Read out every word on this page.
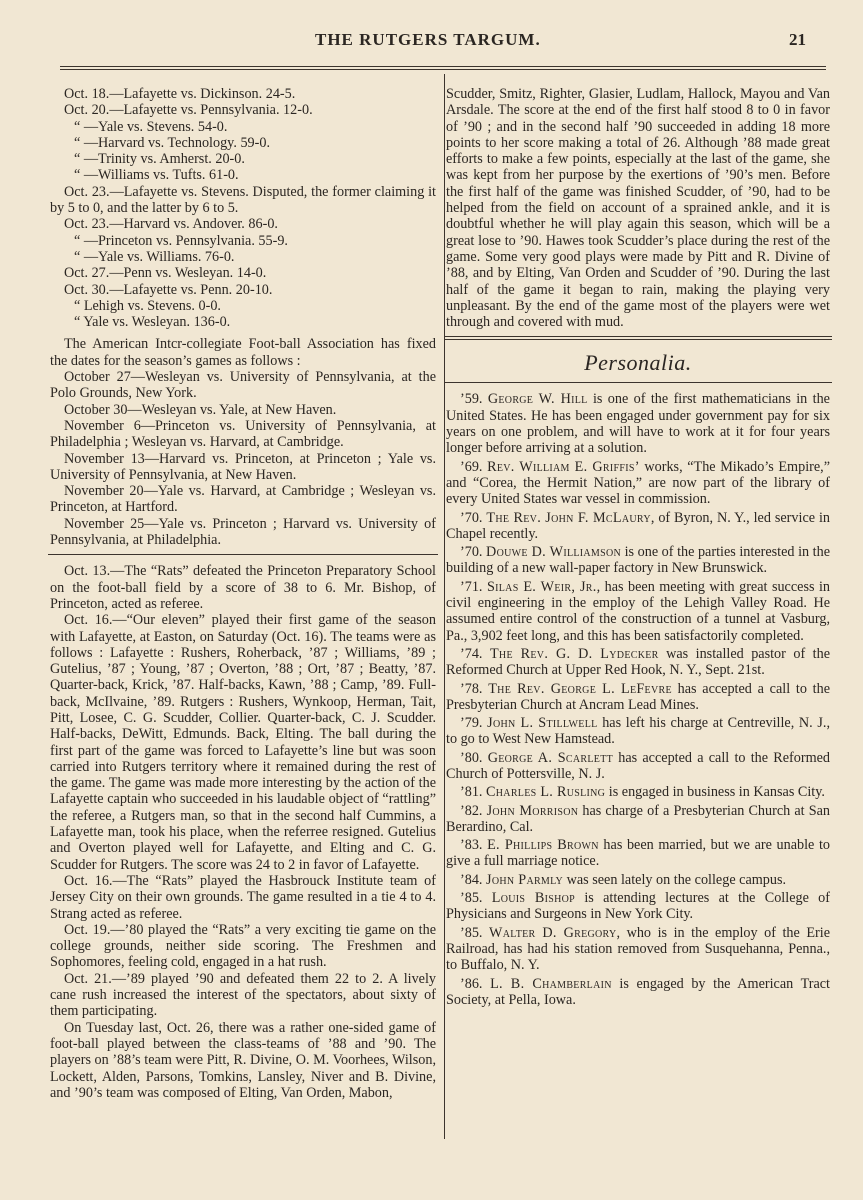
THE RUTGERS TARGUM.	21

Oct. 18.—Lafayette vs. Dickinson. 24-5.

Oct. 20.—Lafayette vs. Pennsylvania. 12-0.

“ —Yale vs. Stevens. 54-0.

“ —Harvard vs. Technology. 59-0.

“ —Trinity vs. Amherst. 20-0.

“ —Williams vs. Tufts. 61-0.

Oct. 23.—Lafayette vs. Stevens. Disputed, the former claiming it by 5 to 0, and the latter by 6 to 5.

Oct. 23.—Harvard vs. Andover. 86-0.

“ —Princeton vs. Pennsylvania. 55-9.

“ —Yale vs. Williams. 76-0.

Oct. 27.—Penn vs. Wesleyan. 14-0.

Oct. 30.—Lafayette vs. Penn. 20-10.

“ Lehigh vs. Stevens. 0-0.

“ Yale vs. Wesleyan. 136-0.

The American Intcr-collegiate Foot-ball Association has fixed the dates for the season’s games as follows :

October 27—Wesleyan vs. University of Pennsylvania, at the Polo Grounds, New York.

October 30—Wesleyan vs. Yale, at New Haven.

November 6—Princeton vs. University of Pennsylvania, at Philadelphia ; Wesleyan vs. Harvard, at Cambridge.

November 13—Harvard vs. Princeton, at Princeton ; Yale vs. University of Pennsylvania, at New Haven.

November 20—Yale vs. Harvard, at Cambridge ; Wesleyan vs. Princeton, at Hartford.

November 25—Yale vs. Princeton ; Harvard vs. University of Pennsylvania, at Philadelphia.

Oct. 13.—The “Rats” defeated the Princeton Preparatory School on the foot-ball field by a score of 38 to 6. Mr. Bishop, of Princeton, acted as referee.

Oct. 16.—“Our eleven” played their first game of the season with Lafayette, at Easton, on Saturday (Oct. 16). The teams were as follows : Lafayette : Rushers, Roherback, ’87 ; Williams, ’89 ; Gutelius, ’87 ; Young, ’87 ; Overton, ’88 ; Ort, ’87 ; Beatty, ’87. Quarter-back, Krick, ’87. Half-backs, Kawn, ’88 ; Camp, ’89. Full-back, McIlvaine, ’89. Rutgers : Rushers, Wynkoop, Herman, Tait, Pitt, Losee, C. G. Scudder, Collier. Quarter-back, C. J. Scudder. Half-backs, DeWitt, Edmunds. Back, Elting. The ball during the first part of the game was forced to Lafayette’s line but was soon carried into Rutgers territory where it remained during the rest of the game. The game was made more interesting by the action of the Lafayette captain who succeeded in his laudable object of “rattling” the referee, a Rutgers man, so that in the second half Cummins, a Lafayette man, took his place, when the referree resigned. Gutelius and Overton played well for Lafayette, and Elting and C. G. Scudder for Rutgers. The score was 24 to 2 in favor of Lafayette.

Oct. 16.—The “Rats” played the Hasbrouck Institute team of Jersey City on their own grounds. The game resulted in a tie 4 to 4. Strang acted as referee.

Oct. 19.—’80 played the “Rats” a very exciting tie game on the college grounds, neither side scoring. The Freshmen and Sophomores, feeling cold, engaged in a hat rush.

Oct. 21.—’89 played ’90 and defeated them 22 to 2. A lively cane rush increased the interest of the spectators, about sixty of them participating.

On Tuesday last, Oct. 26, there was a rather one-sided game of foot-ball played between the class-teams of ’88 and ’90. The players on ’88’s team were Pitt, R. Divine, O. M. Voorhees, Wilson, Lockett, Alden, Parsons, Tomkins, Lansley, Niver and B. Divine, and ’90’s team was composed of Elting, Van Orden, Mabon,

Scudder, Smitz, Righter, Glasier, Ludlam, Hallock, Mayou and Van Arsdale. The score at the end of the first half stood 8 to 0 in favor of ’90 ; and in the second half ’90 succeeded in adding 18 more points to her score making a total of 26. Although ’88 made great efforts to make a few points, especially at the last of the game, she was kept from her purpose by the exertions of ’90’s men. Before the first half of the game was finished Scudder, of ’90, had to be helped from the field on account of a sprained ankle, and it is doubtful whether he will play again this season, which will be a great lose to ’90. Hawes took Scudder’s place during the rest of the game. Some very good plays were made by Pitt and R. Divine of ’88, and by Elting, Van Orden and Scudder of ’90. During the last half of the game it began to rain, making the playing very unpleasant. By the end of the game most of the players were wet through and covered with mud.

Personalia.

’59. George W. Hill is one of the first mathematicians in the United States. He has been engaged under government pay for six years on one problem, and will have to work at it for four years longer before arriving at a solution.

’69. Rev. William E. Griffis’ works, “The Mikado’s Empire,” and “Corea, the Hermit Nation,” are now part of the library of every United States war vessel in commission.

’70. The Rev. John F. McLaury, of Byron, N. Y., led service in Chapel recently.

’70. Douwe D. Williamson is one of the parties interested in the building of a new wall-paper factory in New Brunswick.

’71. Silas E. Weir, Jr., has been meeting with great success in civil engineering in the employ of the Lehigh Valley Road. He assumed entire control of the construction of a tunnel at Vasburg, Pa., 3,902 feet long, and this has been satisfactorily completed.

’74. The Rev. G. D. Lydecker was installed pastor of the Reformed Church at Upper Red Hook, N. Y., Sept. 21st.

’78. The Rev. George L. LeFevre has accepted a call to the Presbyterian Church at Ancram Lead Mines.

’79. John L. Stillwell has left his charge at Centreville, N. J., to go to West New Hamstead.

’80. George A. Scarlett has accepted a call to the Reformed Church of Pottersville, N. J.

’81. Charles L. Rusling is engaged in business in Kansas City.

’82. John Morrison has charge of a Presbyterian Church at San Berardino, Cal.

’83. E. Phillips Brown has been married, but we are unable to give a full marriage notice.

’84. John Parmly was seen lately on the college campus.

’85. Louis Bishop is attending lectures at the College of Physicians and Surgeons in New York City.

’85. Walter D. Gregory, who is in the employ of the Erie Railroad, has had his station removed from Susquehanna, Penna., to Buffalo, N. Y.

’86. L. B. Chamberlain is engaged by the American Tract Society, at Pella, Iowa.
